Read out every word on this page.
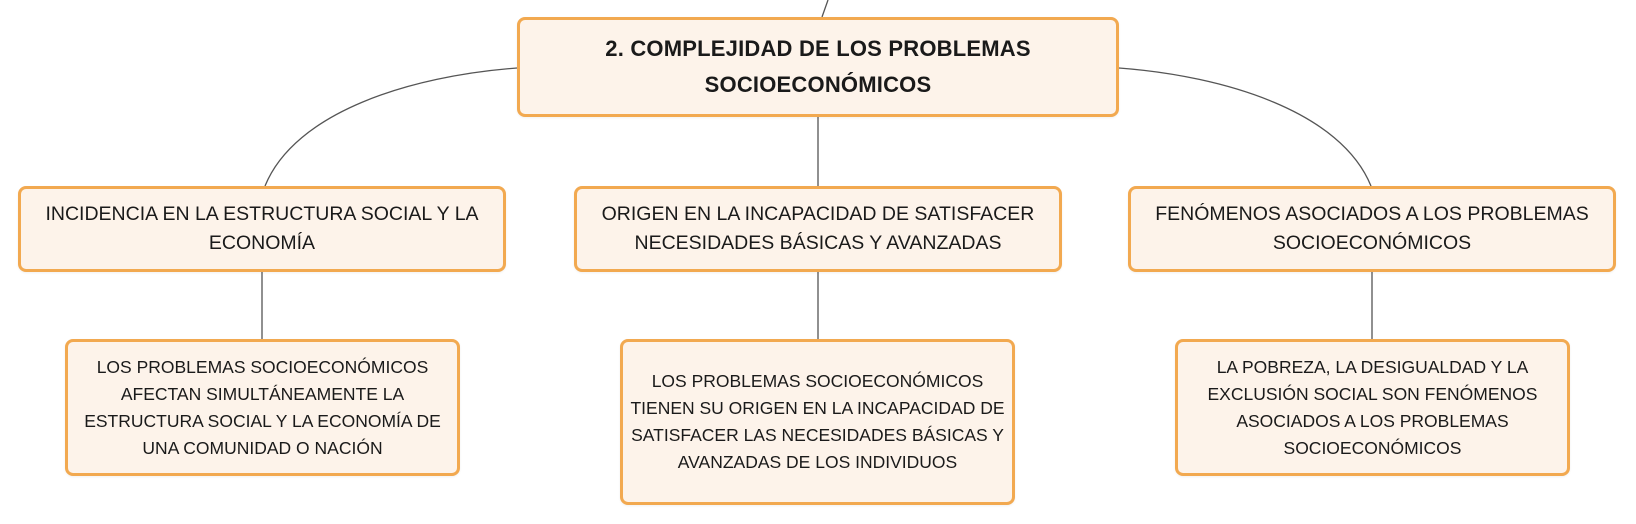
2. COMPLEJIDAD DE LOS PROBLEMAS
SOCIOECONÓMICOS
INCIDENCIA EN LA ESTRUCTURA SOCIAL Y LA
ECONOMÍA
ORIGEN EN LA INCAPACIDAD DE SATISFACER
NECESIDADES BÁSICAS Y AVANZADAS
FENÓMENOS ASOCIADOS A LOS PROBLEMAS
SOCIOECONÓMICOS
LOS PROBLEMAS SOCIOECONÓMICOS
AFECTAN SIMULTÁNEAMENTE LA
ESTRUCTURA SOCIAL Y LA ECONOMÍA DE
UNA COMUNIDAD O NACIÓN
LOS PROBLEMAS SOCIOECONÓMICOS
TIENEN SU ORIGEN EN LA INCAPACIDAD DE
SATISFACER LAS NECESIDADES BÁSICAS Y
AVANZADAS DE LOS INDIVIDUOS
LA POBREZA, LA DESIGUALDAD Y LA
EXCLUSIÓN SOCIAL SON FENÓMENOS
ASOCIADOS A LOS PROBLEMAS
SOCIOECONÓMICOS
